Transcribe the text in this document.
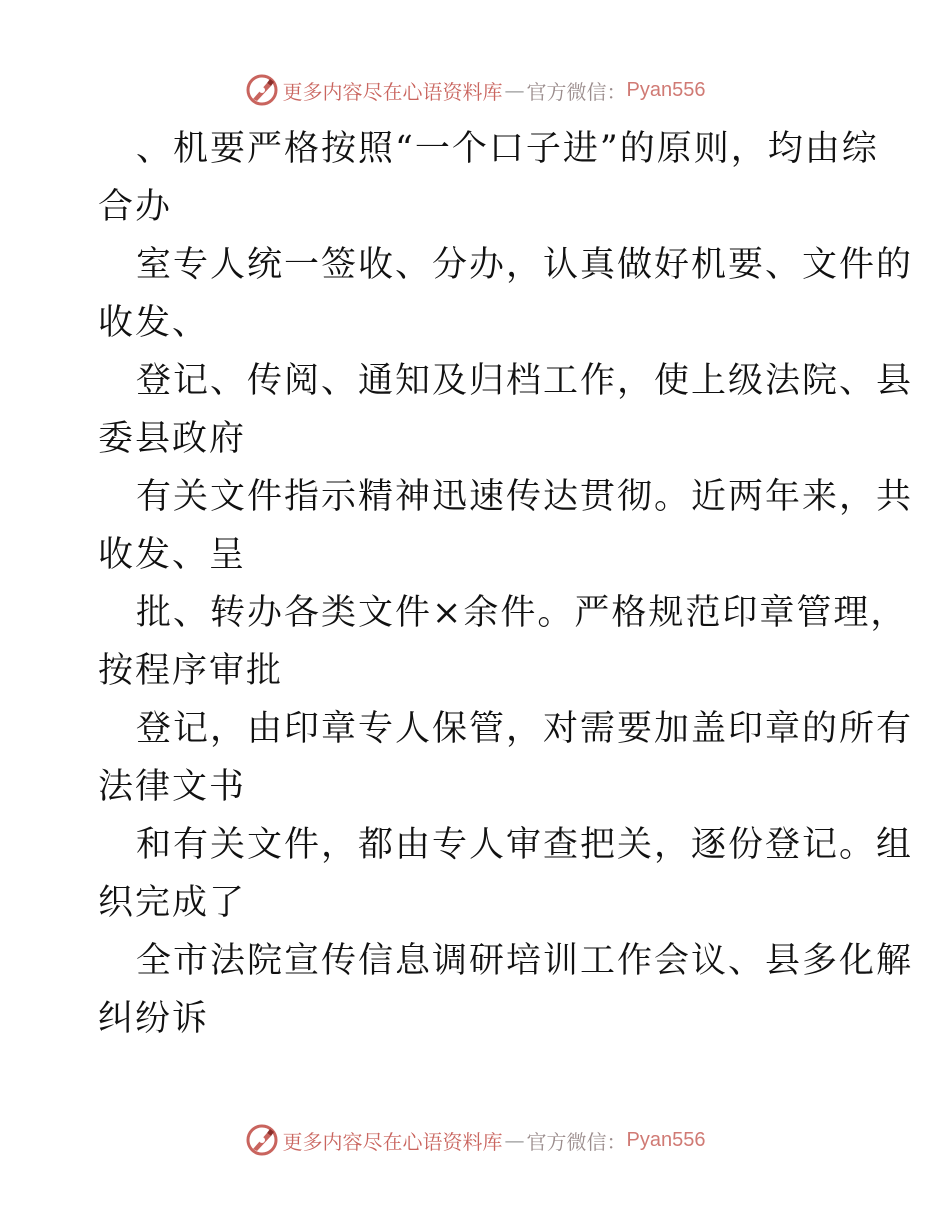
更多内容尽在心语资料库 — 官方微信： Pyan556
、机要严格按照“一个口子进”的原则，均由综
合办
室专人统一签收、分办，认真做好机要、文件的
收发、
登记、传阅、通知及归档工作，使上级法院、县
委县政府
有关文件指示精神迅速传达贯彻。近两年来，共
收发、呈
批、转办各类文件×余件。严格规范印章管理，
按程序审批
登记，由印章专人保管，对需要加盖印章的所有
法律文书
和有关文件，都由专人审查把关，逐份登记。组
织完成了
全市法院宣传信息调研培训工作会议、县多化解
纠纷诉
更多内容尽在心语资料库 — 官方微信： Pyan556
